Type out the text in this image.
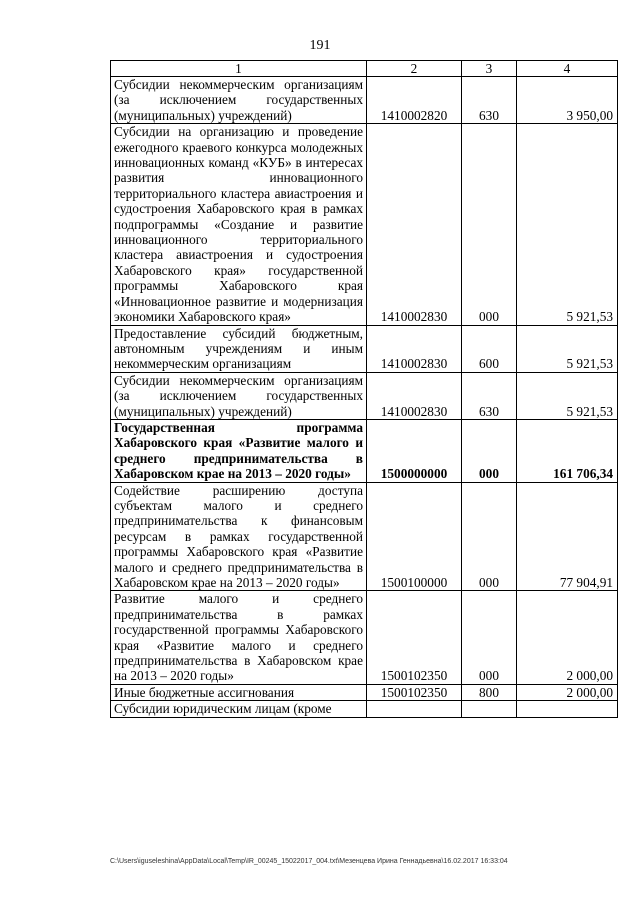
191
1	2	3	4
Субсидии некоммерческим организациям (за исключением государственных (муниципальных) учреждений)	1410002820	630	3 950,00
Субсидии на организацию и проведение ежегодного краевого конкурса молодежных инновационных команд «КУБ» в интересах развития инновационного территориального кластера авиастроения и судостроения Хабаровского края в рамках подпрограммы «Создание и развитие инновационного территориального кластера авиастроения и судостроения Хабаровского края» государственной программы Хабаровского края «Инновационное развитие и модернизация экономики Хабаровского края»	1410002830	000	5 921,53
Предоставление субсидий бюджетным, автономным учреждениям и иным некоммерческим организациям	1410002830	600	5 921,53
Субсидии некоммерческим организациям (за исключением государственных (муниципальных) учреждений)	1410002830	630	5 921,53
Государственная программа Хабаровского края «Развитие малого и среднего предпринимательства в Хабаровском крае на 2013 – 2020 годы»	1500000000	000	161 706,34
Содействие расширению доступа субъектам малого и среднего предпринимательства к финансовым ресурсам в рамках государственной программы Хабаровского края «Развитие малого и среднего предпринимательства в Хабаровском крае на 2013 – 2020 годы»	1500100000	000	77 904,91
Развитие малого и среднего предпринимательства в рамках государственной программы Хабаровского края «Развитие малого и среднего предпринимательства в Хабаровском крае на 2013 – 2020 годы»	1500102350	000	2 000,00
Иные бюджетные ассигнования	1500102350	800	2 000,00
Субсидии юридическим лицам (кроме			
C:\Users\iguseleshina\AppData\Local\Temp\IR_00245_15022017_004.txt\Мезенцева Ирина Геннадьевна\16.02.2017 16:33:04
